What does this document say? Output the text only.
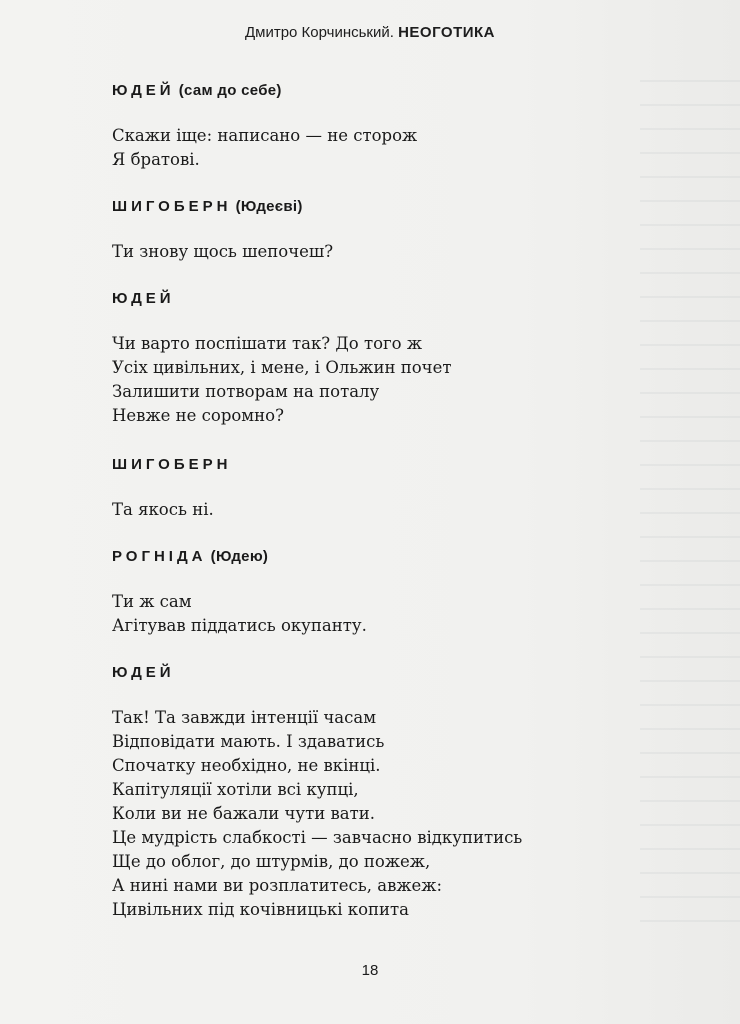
Дмитро Корчинський. НЕОГОТИКА
ЮДЕЙ (сам до себе)
Скажи іще: написано — не сторож
Я братові.
ШИГОБЕРН (Юдеєві)
Ти знову щось шепочеш?
ЮДЕЙ
Чи варто поспішати так? До того ж
Усіх цивільних, і мене, і Ольжин почет
Залишити потворам на поталу
Невже не соромно?
ШИГОБЕРН
Та якось ні.
РОГНІДА (Юдею)
Ти ж сам
Агітував піддатись окупанту.
ЮДЕЙ
Так! Та завжди інтенції часам
Відповідати мають. І здаватись
Спочатку необхідно, не вкінці.
Капітуляції хотіли всі купці,
Коли ви не бажали чути вати.
Це мудрість слабкості — завчасно відкупитись
Ще до облог, до штурмів, до пожеж,
А нині нами ви розплатитесь, авжеж:
Цивільних під кочівницькі копита
18
